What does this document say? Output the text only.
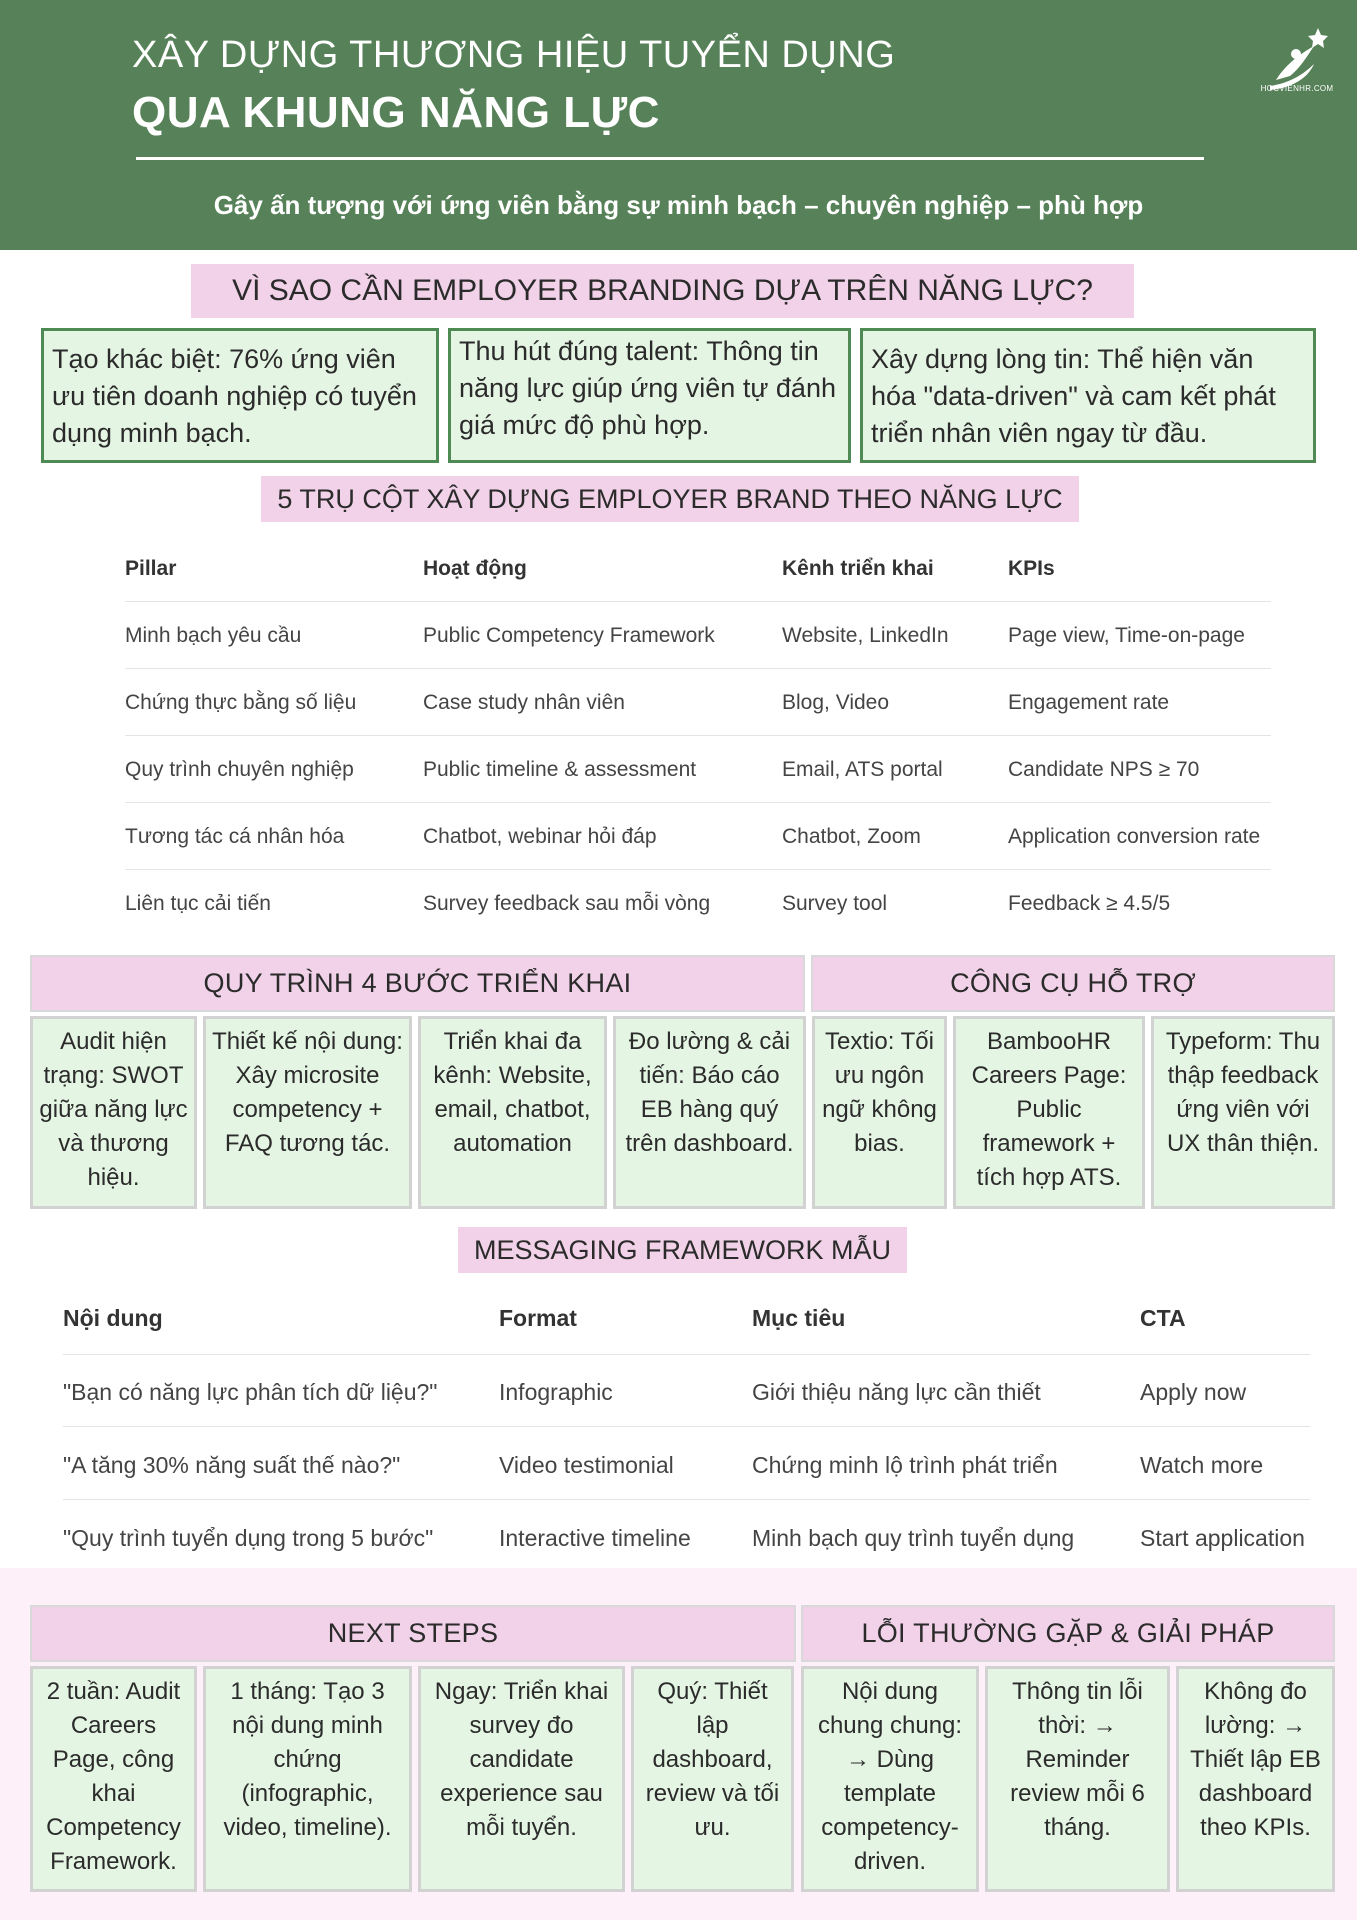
XÂY DỰNG THƯƠNG HIỆU TUYỂN DỤNG
QUA KHUNG NĂNG LỰC
Gây ấn tượng với ứng viên bằng sự minh bạch – chuyên nghiệp – phù hợp
HOCVIENHR.COM
VÌ SAO CẦN EMPLOYER BRANDING DỰA TRÊN NĂNG LỰC?
Tạo khác biệt: 76% ứng viên ưu tiên doanh nghiệp có tuyển dụng minh bạch.
Thu hút đúng talent: Thông tin năng lực giúp ứng viên tự đánh giá mức độ phù hợp.
Xây dựng lòng tin: Thể hiện văn hóa "data-driven" và cam kết phát triển nhân viên ngay từ đầu.
5 TRỤ CỘT XÂY DỰNG EMPLOYER BRAND THEO NĂNG LỰC
Pillar	Hoạt động	Kênh triển khai	KPIs
Minh bạch yêu cầu	Public Competency Framework	Website, LinkedIn	Page view, Time-on-page
Chứng thực bằng số liệu	Case study nhân viên	Blog, Video	Engagement rate
Quy trình chuyên nghiệp	Public timeline & assessment	Email, ATS portal	Candidate NPS ≥ 70
Tương tác cá nhân hóa	Chatbot, webinar hỏi đáp	Chatbot, Zoom	Application conversion rate
Liên tục cải tiến	Survey feedback sau mỗi vòng	Survey tool	Feedback ≥ 4.5/5
QUY TRÌNH 4 BƯỚC TRIỂN KHAI	CÔNG CỤ HỖ TRỢ
Audit hiện trạng: SWOT giữa năng lực và thương hiệu.
Thiết kế nội dung: Xây microsite competency + FAQ tương tác.
Triển khai đa kênh: Website, email, chatbot, automation
Đo lường & cải tiến: Báo cáo EB hàng quý trên dashboard.
Textio: Tối ưu ngôn ngữ không bias.
BambooHR Careers Page: Public framework + tích hợp ATS.
Typeform: Thu thập feedback ứng viên với UX thân thiện.
MESSAGING FRAMEWORK MẪU
Nội dung	Format	Mục tiêu	CTA
"Bạn có năng lực phân tích dữ liệu?"	Infographic	Giới thiệu năng lực cần thiết	Apply now
"A tăng 30% năng suất thế nào?"	Video testimonial	Chứng minh lộ trình phát triển	Watch more
"Quy trình tuyển dụng trong 5 bước"	Interactive timeline	Minh bạch quy trình tuyển dụng	Start application
NEXT STEPS	LỖI THƯỜNG GẶP & GIẢI PHÁP
2 tuần: Audit Careers Page, công khai Competency Framework.
1 tháng: Tạo 3 nội dung minh chứng (infographic, video, timeline).
Ngay: Triển khai survey đo candidate experience sau mỗi tuyển.
Quý: Thiết lập dashboard, review và tối ưu.
Nội dung chung chung: → Dùng template competency-driven.
Thông tin lỗi thời: → Reminder review mỗi 6 tháng.
Không đo lường: → Thiết lập EB dashboard theo KPIs.
